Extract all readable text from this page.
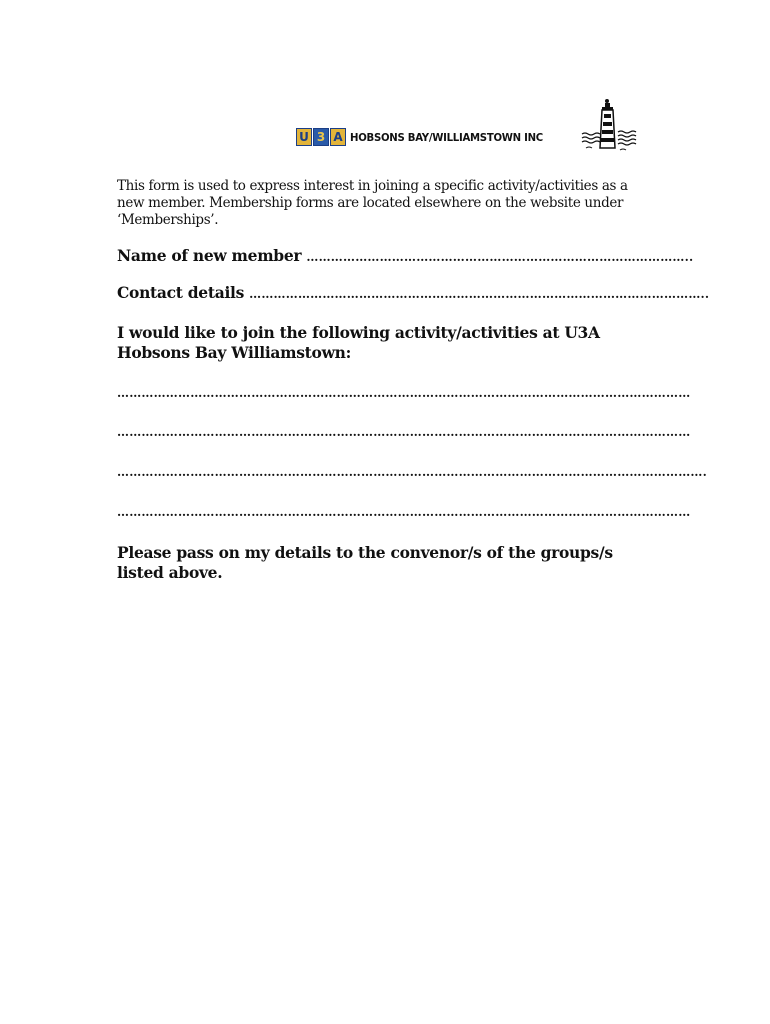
U 3 A HOBSONS BAY/WILLIAMSTOWN INC

This form is used to express interest in joining a specific activity/activities as a new member. Membership forms are located elsewhere on the website under ‘Memberships’.

Name of new member …………………………………………………………………………………..

Contact details …………………………………………………………………………………………………..

I would like to join the following activity/activities at U3A Hobsons Bay Williamstown:

……………………………………………………………………………………………………………………………

……………………………………………………………………………………………………………………………

……………………………………………………………………………………………………………………………….

……………………………………………………………………………………………………………………………

Please pass on my details to the convenor/s of the groups/s listed above.
